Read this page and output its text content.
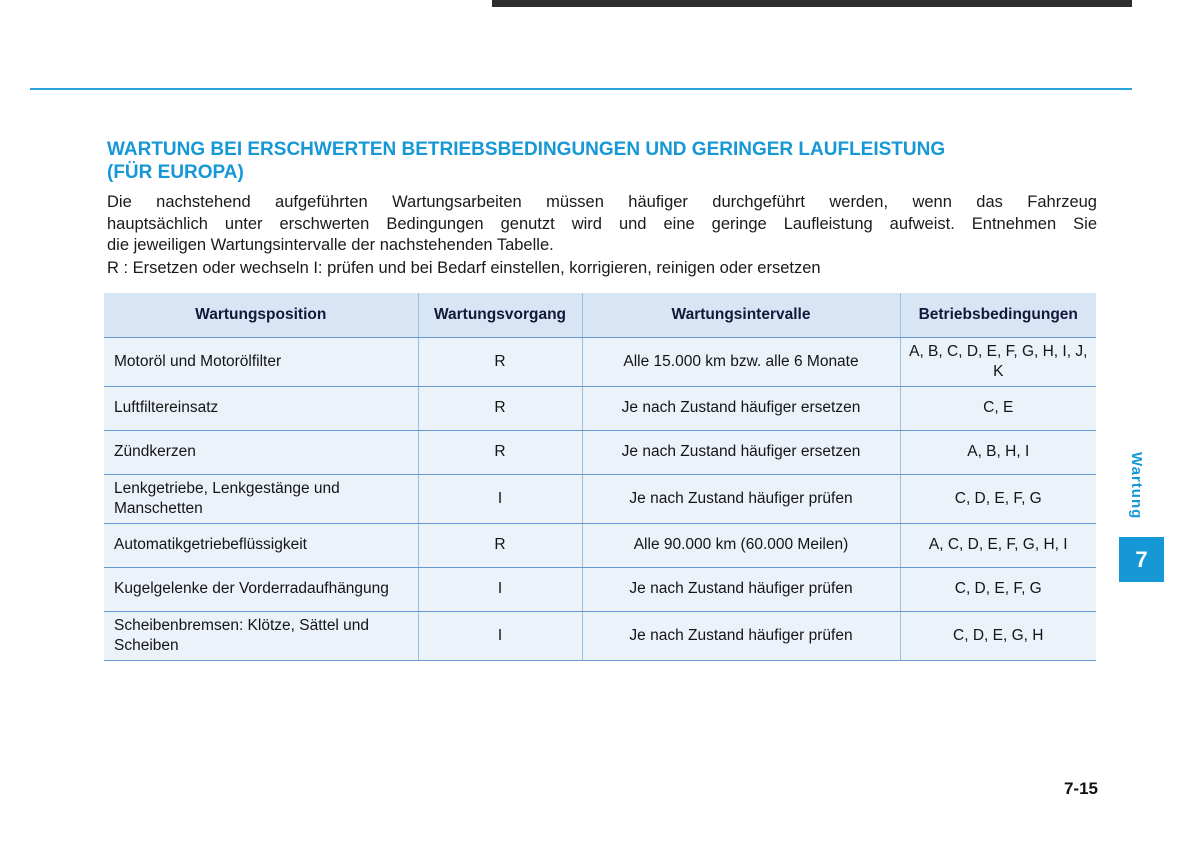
WARTUNG BEI ERSCHWERTEN BETRIEBSBEDINGUNGEN UND GERINGER LAUFLEISTUNG
(FÜR EUROPA)
Die nachstehend aufgeführten Wartungsarbeiten müssen häufiger durchgeführt werden, wenn das Fahrzeug
hauptsächlich unter erschwerten Bedingungen genutzt wird und eine geringe Laufleistung aufweist. Entnehmen Sie
die jeweiligen Wartungsintervalle der nachstehenden Tabelle.
R : Ersetzen oder wechseln I: prüfen und bei Bedarf einstellen, korrigieren, reinigen oder ersetzen
Wartungsposition	Wartungsvorgang	Wartungsintervalle	Betriebsbedingungen
Motoröl und Motorölfilter	R	Alle 15.000 km bzw. alle 6 Monate	A, B, C, D, E, F, G, H, I, J, K
Luftfiltereinsatz	R	Je nach Zustand häufiger ersetzen	C, E
Zündkerzen	R	Je nach Zustand häufiger ersetzen	A, B, H, I
Lenkgetriebe, Lenkgestänge und Manschetten	I	Je nach Zustand häufiger prüfen	C, D, E, F, G
Automatikgetriebeflüssigkeit	R	Alle 90.000 km (60.000 Meilen)	A, C, D, E, F, G, H, I
Kugelgelenke der Vorderradaufhängung	I	Je nach Zustand häufiger prüfen	C, D, E, F, G
Scheibenbremsen: Klötze, Sättel und Scheiben	I	Je nach Zustand häufiger prüfen	C, D, E, G, H
Wartung
7
7-15
